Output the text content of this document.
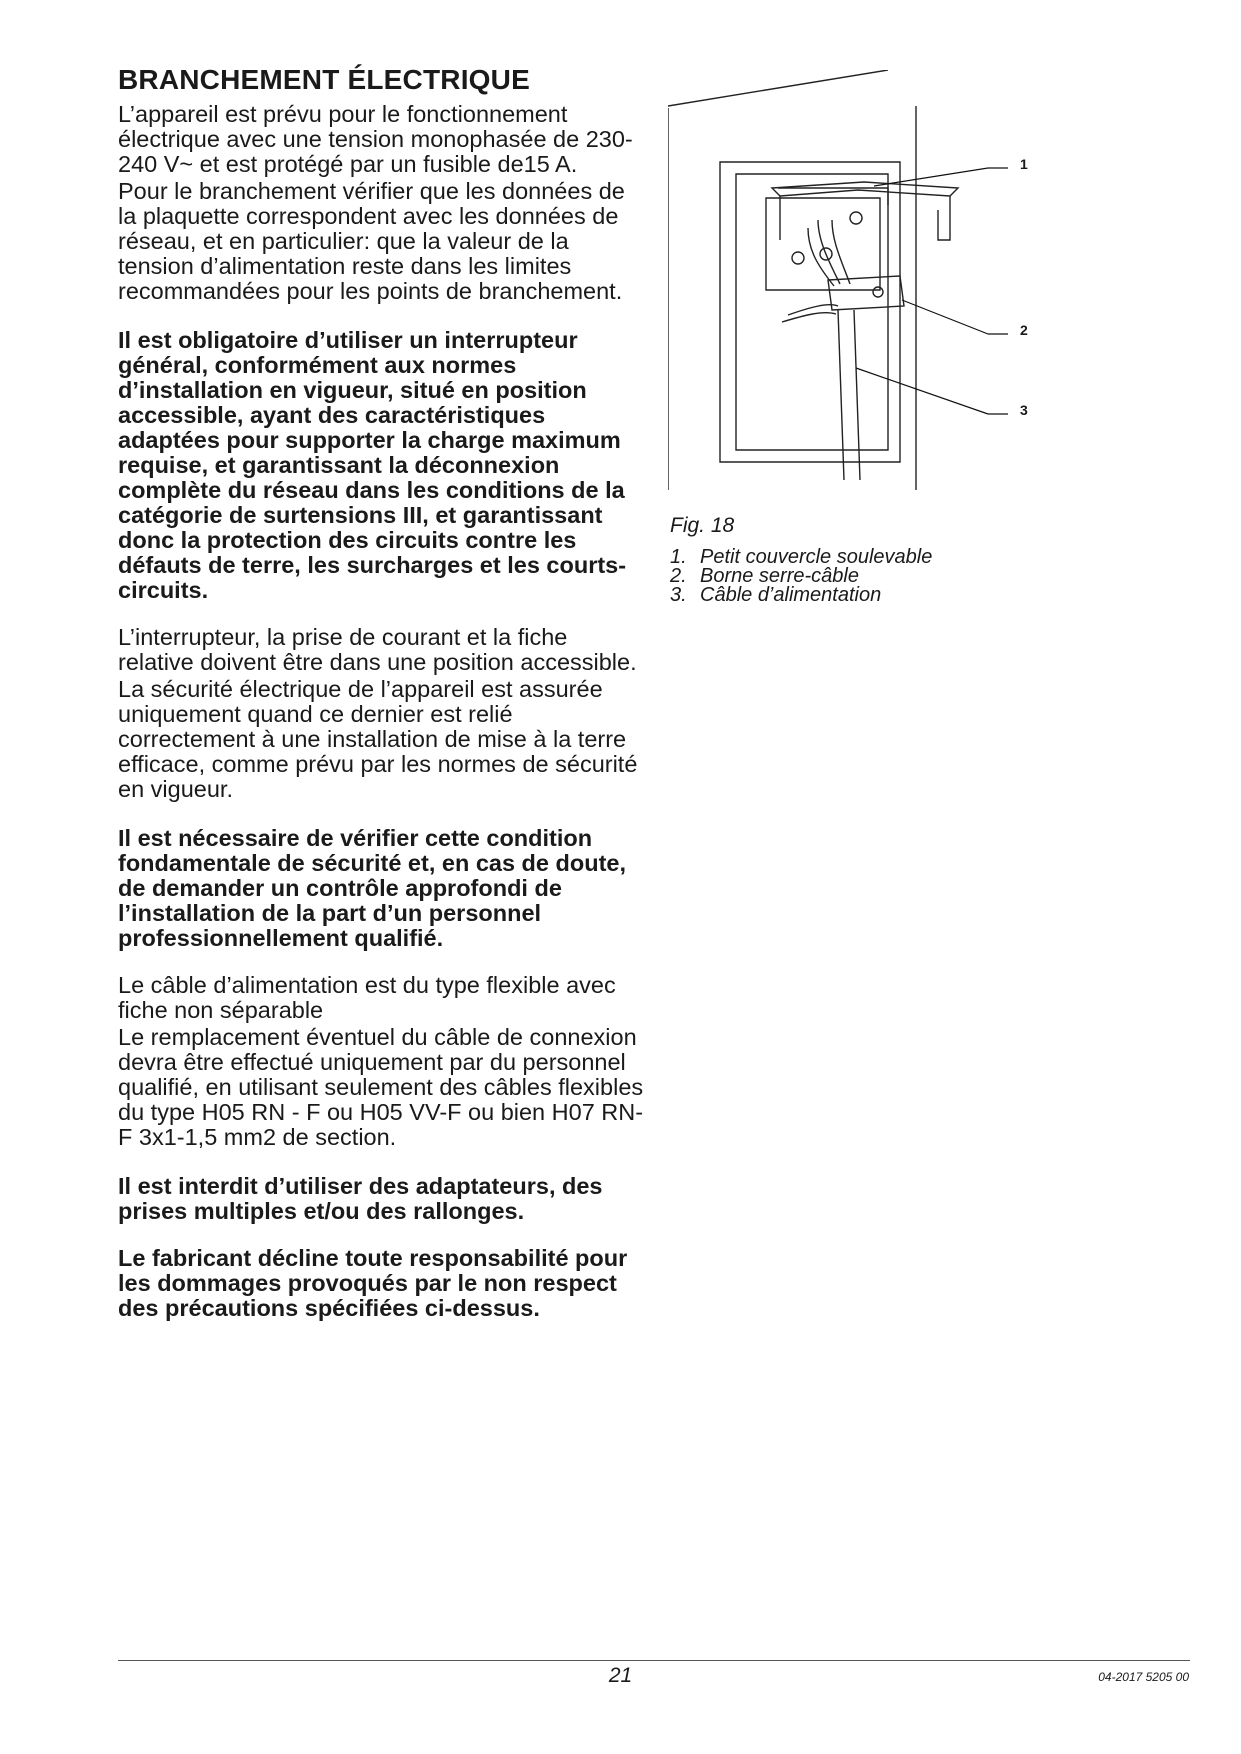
BRANCHEMENT ÉLECTRIQUE

L’appareil est prévu pour le fonctionnement électrique avec une tension monophasée de 230-240 V~ et est protégé par un fusible de15 A.

Pour le branchement vérifier que les données de la plaquette correspondent avec les données de réseau, et en particulier: que la valeur de la tension d’alimentation reste dans les limites recommandées pour les points de branchement.

Il est obligatoire d’utiliser un interrupteur général, conformément aux normes d’installation en vigueur, situé en position accessible, ayant des caractéristiques adaptées pour supporter la charge maximum requise, et garantissant la déconnexion complète du réseau dans les conditions de la catégorie de surtensions III, et garantissant donc la protection des circuits contre les défauts de terre, les surcharges et les courts-circuits.

L’interrupteur, la prise de courant et la fiche relative doivent être dans une position accessible.

La sécurité électrique de l’appareil est assurée uniquement quand ce dernier est relié correctement à une installation de mise à la terre efficace, comme prévu par les normes de sécurité en vigueur.

Il est nécessaire de vérifier cette condition fondamentale de sécurité et, en cas de doute, de demander un contrôle approfondi de l’installation de la part d’un personnel professionnellement qualifié.

Le câble d’alimentation est du type flexible avec fiche non séparable

Le remplacement éventuel du câble de connexion devra être effectué uniquement par du personnel qualifié, en utilisant seulement des câbles flexibles du type H05 RN - F ou H05 VV-F ou bien H07 RN-F 3x1-1,5 mm2 de section.

Il est interdit d’utiliser des adaptateurs, des prises multiples et/ou des rallonges.

Le fabricant décline toute responsabilité pour les dommages provoqués par le non respect des précautions spécifiées ci-dessus.

1
2
3
Fig. 18
1. Petit couvercle soulevable
2. Borne serre-câble
3. Câble d’alimentation
21	04-2017 5205 00
